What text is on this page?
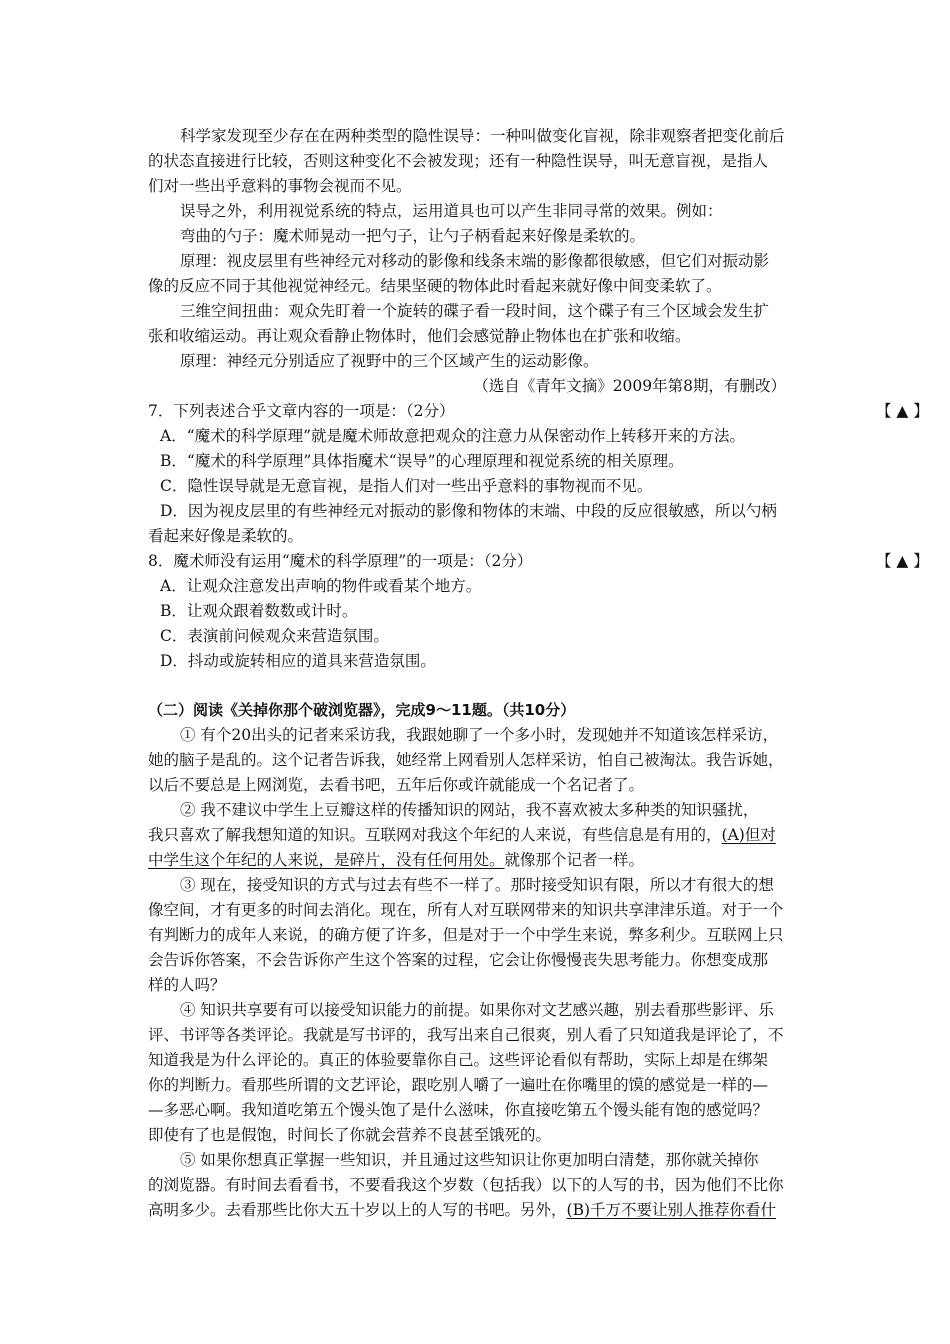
科学家发现至少存在在两种类型的隐性误导：一种叫做变化盲视，除非观察者把变化前后
的状态直接进行比较，否则这种变化不会被发现；还有一种隐性误导，叫无意盲视，是指人
们对一些出乎意料的事物会视而不见。
误导之外，利用视觉系统的特点，运用道具也可以产生非同寻常的效果。例如：
弯曲的勺子：魔术师晃动一把勺子，让勺子柄看起来好像是柔软的。
原理：视皮层里有些神经元对移动的影像和线条末端的影像都很敏感，但它们对振动影
像的反应不同于其他视觉神经元。结果坚硬的物体此时看起来就好像中间变柔软了。
三维空间扭曲：观众先盯着一个旋转的碟子看一段时间，这个碟子有三个区域会发生扩
张和收缩运动。再让观众看静止物体时，他们会感觉静止物体也在扩张和收缩。
原理：神经元分别适应了视野中的三个区域产生的运动影像。
（选自《青年文摘》2009年第8期，有删改）
7．下列表述合乎文章内容的一项是：（2分）	【 ▲ 】
A．“魔术的科学原理”就是魔术师故意把观众的注意力从保密动作上转移开来的方法。
B．“魔术的科学原理”具体指魔术“误导”的心理原理和视觉系统的相关原理。
C．隐性误导就是无意盲视，是指人们对一些出乎意料的事物视而不见。
D．因为视皮层里的有些神经元对振动的影像和物体的末端、中段的反应很敏感，所以勺柄
看起来好像是柔软的。
8．魔术师没有运用“魔术的科学原理”的一项是：（2分）	【 ▲ 】
A．让观众注意发出声响的物件或看某个地方。
B．让观众跟着数数或计时。
C．表演前问候观众来营造氛围。
D．抖动或旋转相应的道具来营造氛围。
（二）阅读《关掉你那个破浏览器》，完成9～11题。（共10分）
① 有个20出头的记者来采访我，我跟她聊了一个多小时，发现她并不知道该怎样采访，
她的脑子是乱的。这个记者告诉我，她经常上网看别人怎样采访，怕自己被淘汰。我告诉她，
以后不要总是上网浏览，去看书吧，五年后你或许就能成一个名记者了。
② 我不建议中学生上豆瓣这样的传播知识的网站，我不喜欢被太多种类的知识骚扰，
我只喜欢了解我想知道的知识。互联网对我这个年纪的人来说，有些信息是有用的，(A)但对
中学生这个年纪的人来说，是碎片，没有任何用处。就像那个记者一样。
③ 现在，接受知识的方式与过去有些不一样了。那时接受知识有限，所以才有很大的想
像空间，才有更多的时间去消化。现在，所有人对互联网带来的知识共享津津乐道。对于一个
有判断力的成年人来说，的确方便了许多，但是对于一个中学生来说，弊多利少。互联网上只
会告诉你答案，不会告诉你产生这个答案的过程，它会让你慢慢丧失思考能力。你想变成那
样的人吗？
④ 知识共享要有可以接受知识能力的前提。如果你对文艺感兴趣，别去看那些影评、乐
评、书评等各类评论。我就是写书评的，我写出来自己很爽，别人看了只知道我是评论了，不
知道我是为什么评论的。真正的体验要靠你自己。这些评论看似有帮助，实际上却是在绑架
你的判断力。看那些所谓的文艺评论，跟吃别人嚼了一遍吐在你嘴里的馍的感觉是一样的—
—多恶心啊。我知道吃第五个馒头饱了是什么滋味，你直接吃第五个馒头能有饱的感觉吗？
即使有了也是假饱，时间长了你就会营养不良甚至饿死的。
⑤ 如果你想真正掌握一些知识，并且通过这些知识让你更加明白清楚，那你就关掉你
的浏览器。有时间去看看书，不要看我这个岁数（包括我）以下的人写的书，因为他们不比你
高明多少。去看那些比你大五十岁以上的人写的书吧。另外，(B)千万不要让别人推荐你看什
